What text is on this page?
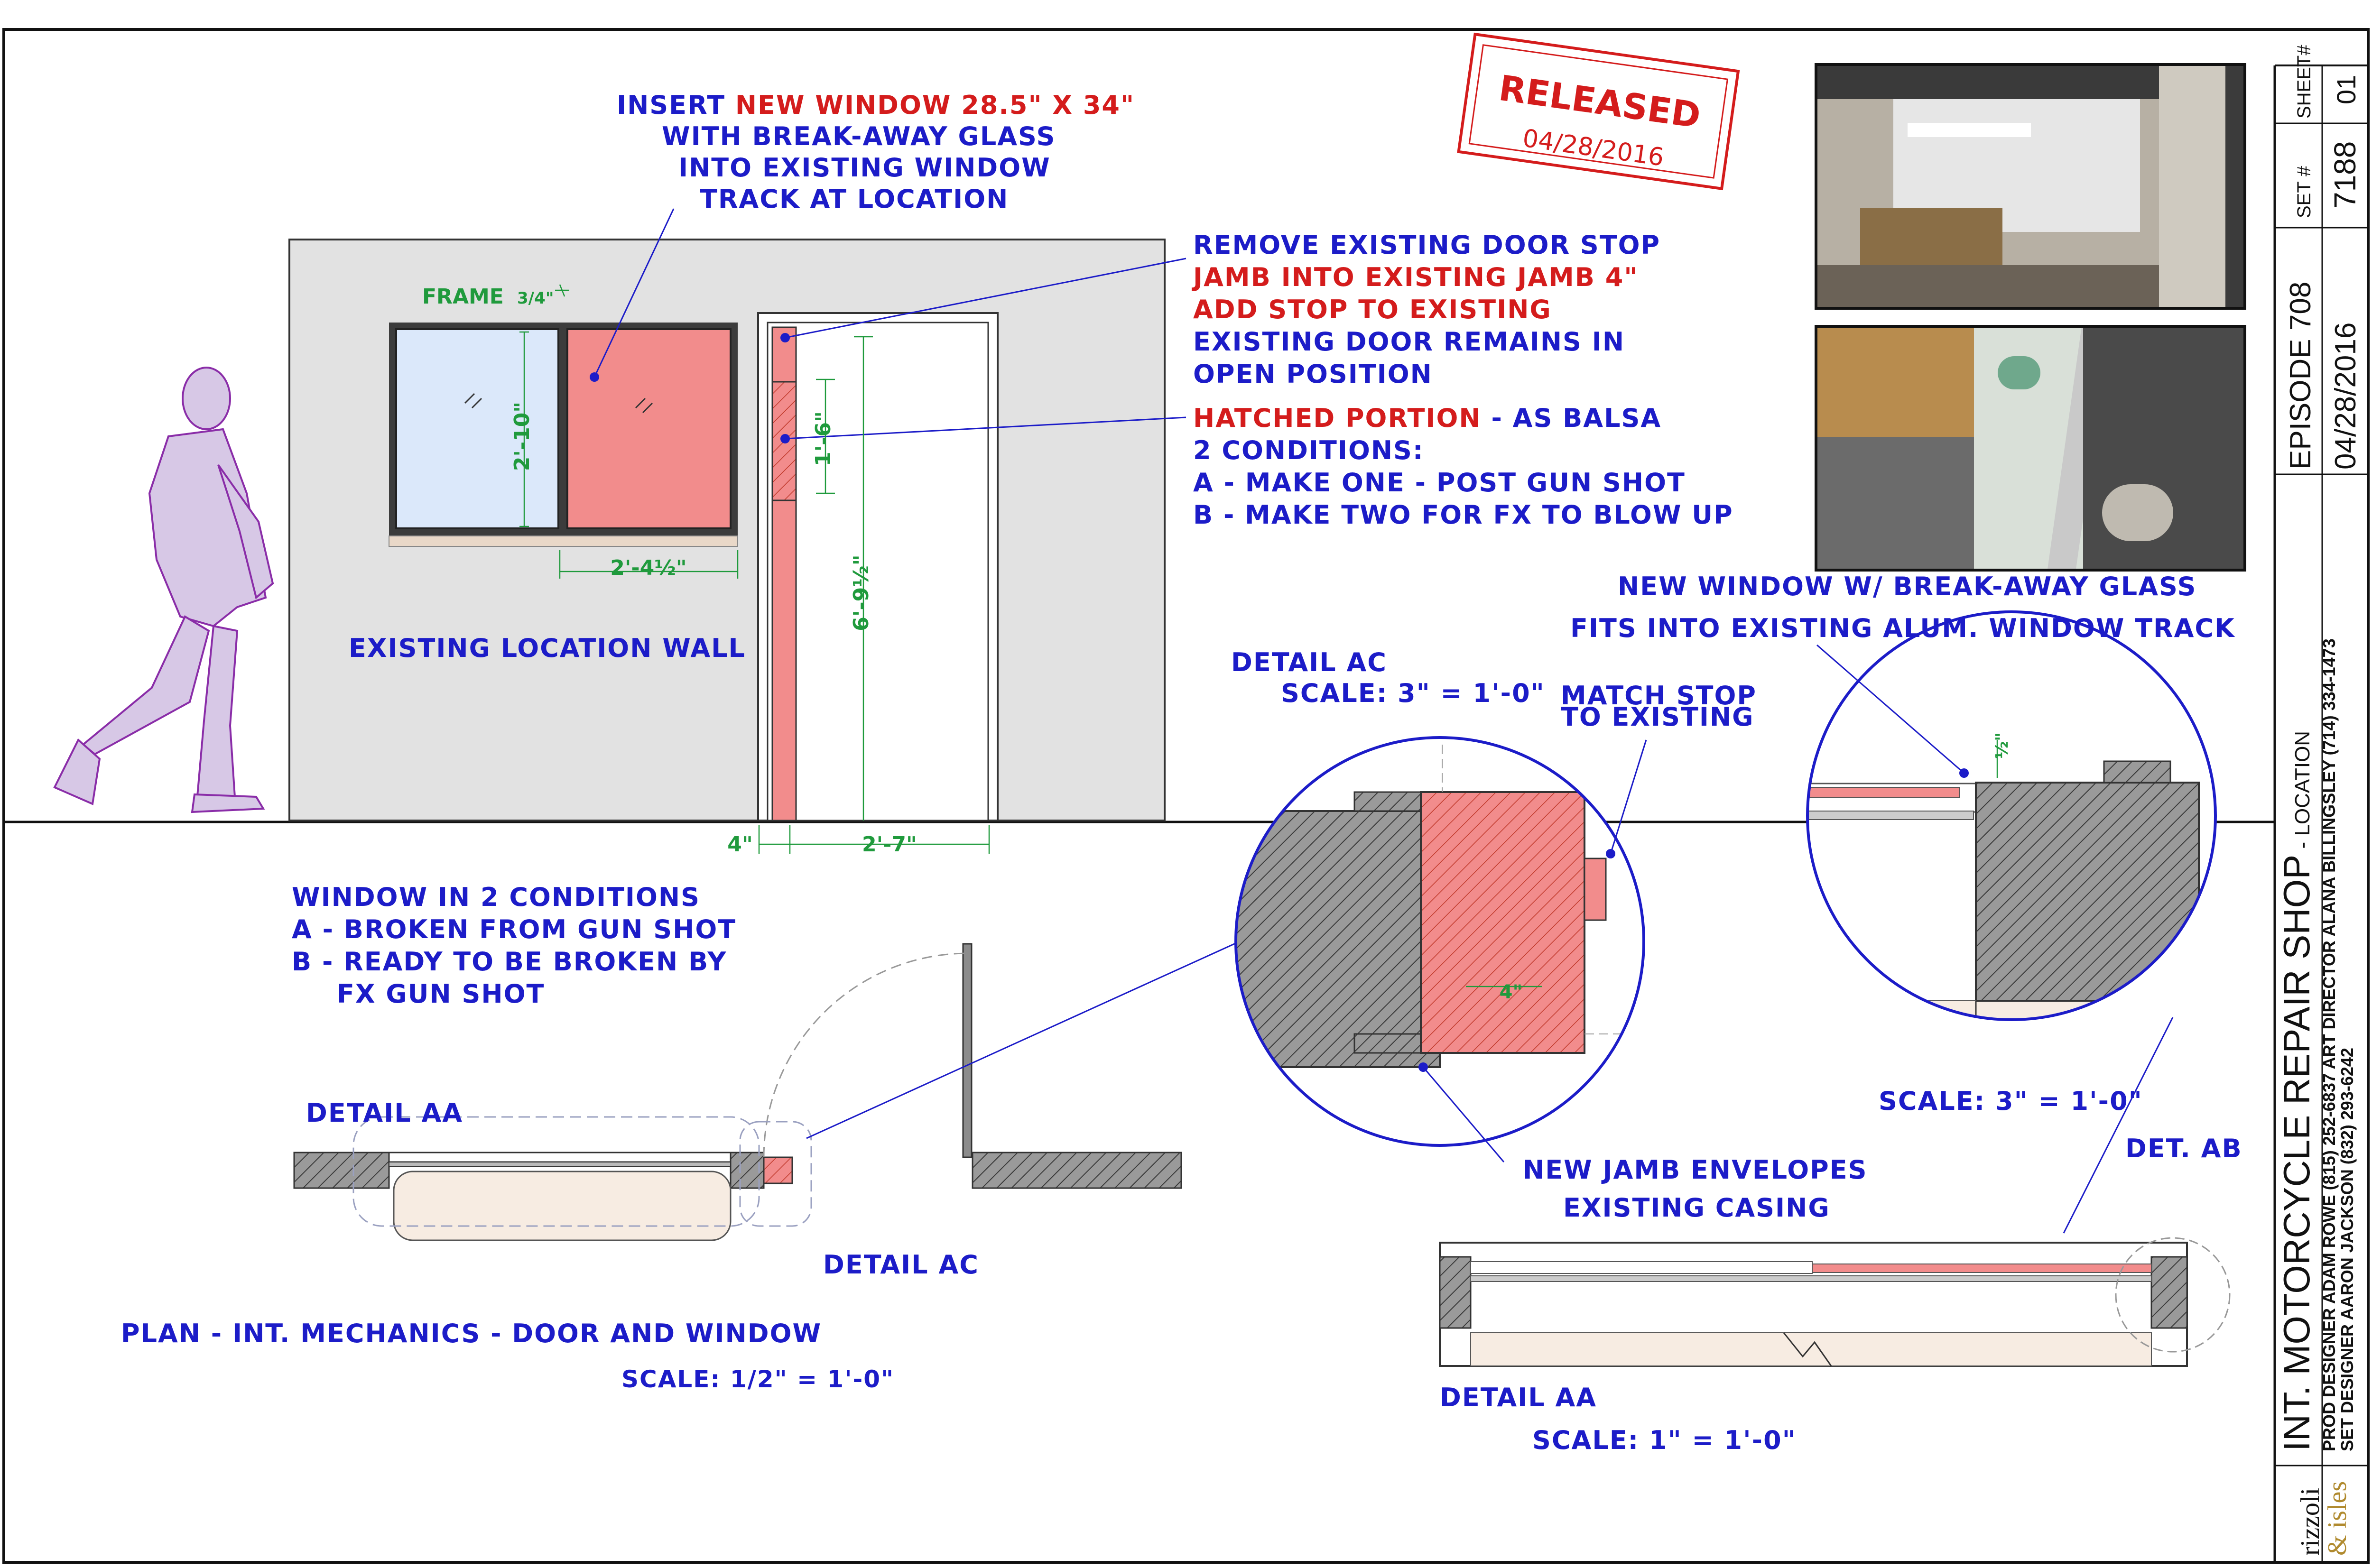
RELEASED
04/28/2016
INSERT NEW WINDOW 28.5" X 34"
WITH BREAK-AWAY GLASS
INTO EXISTING WINDOW
TRACK AT LOCATION
REMOVE EXISTING DOOR STOP
JAMB INTO EXISTING JAMB 4"
ADD STOP TO EXISTING
EXISTING DOOR REMAINS IN
OPEN POSITION
HATCHED PORTION - AS BALSA
2 CONDITIONS:
A - MAKE ONE - POST GUN SHOT
B - MAKE TWO FOR FX TO BLOW UP
EXISTING LOCATION WALL
FRAME 3/4"
2'-10"
2'-4½"
1'-6"
6'-9½"
4"	2'-7"
WINDOW IN 2 CONDITIONS
A - BROKEN FROM GUN SHOT
B - READY TO BE BROKEN BY
FX GUN SHOT
DETAIL AA
DETAIL AC
PLAN - INT. MECHANICS - DOOR AND WINDOW
SCALE: 1/2" = 1'-0"
DETAIL AC
SCALE: 3" = 1'-0" MATCH STOP
TO EXISTING
NEW JAMB ENVELOPES
EXISTING CASING
4"
NEW WINDOW W/ BREAK-AWAY GLASS
FITS INTO EXISTING ALUM. WINDOW TRACK
SCALE: 3" = 1'-0"
DET. AB
½"
DETAIL AA
SCALE: 1" = 1'-0"
SHEET# 01
SET # 7188
EPISODE 708 04/28/2016
INT. MOTORCYCLE REPAIR SHOP - LOCATION PROD DESIGNER ADAM ROWE (815) 252-6837 ART DIRECTOR ALANA BILLINGSLEY (714) 334-1473
SET DESIGNER AARON JACKSON (832) 293-6242
rizzoli
& isles
